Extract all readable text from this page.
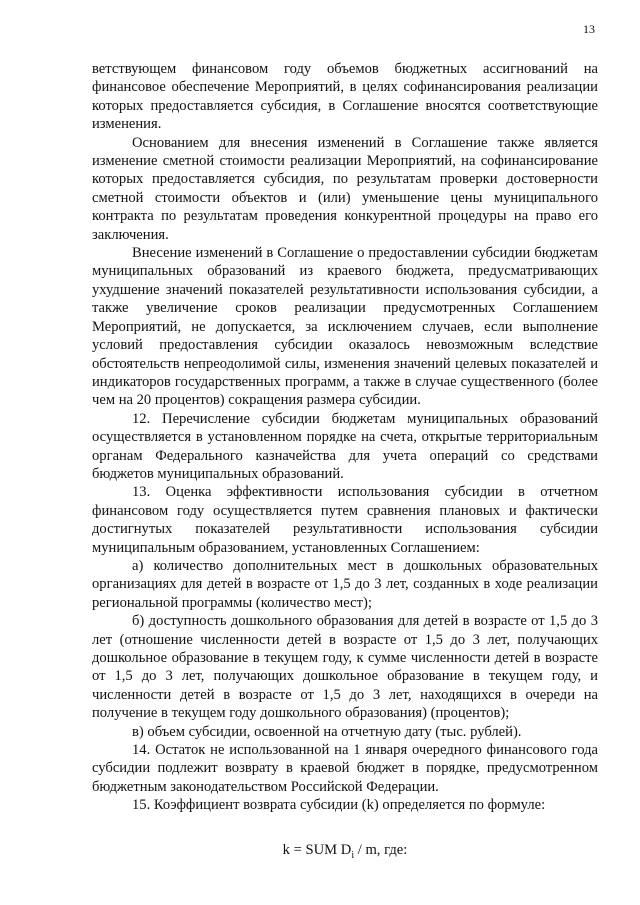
13

ветствующем финансовом году объемов бюджетных ассигнований на финансовое обеспечение Мероприятий, в целях софинансирования реализации которых предоставляется субсидия, в Соглашение вносятся соответствующие изменения.

Основанием для внесения изменений в Соглашение также является изменение сметной стоимости реализации Мероприятий, на софинансирование которых предоставляется субсидия, по результатам проверки достоверности сметной стоимости объектов и (или) уменьшение цены муниципального контракта по результатам проведения конкурентной процедуры на право его заключения.

Внесение изменений в Соглашение о предоставлении субсидии бюджетам муниципальных образований из краевого бюджета, предусматривающих ухудшение значений показателей результативности использования субсидии, а также увеличение сроков реализации предусмотренных Соглашением Мероприятий, не допускается, за исключением случаев, если выполнение условий предоставления субсидии оказалось невозможным вследствие обстоятельств непреодолимой силы, изменения значений целевых показателей и индикаторов государственных программ, а также в случае существенного (более чем на 20 процентов) сокращения размера субсидии.

12. Перечисление субсидии бюджетам муниципальных образований осуществляется в установленном порядке на счета, открытые территориальным органам Федерального казначейства для учета операций со средствами бюджетов муниципальных образований.

13. Оценка эффективности использования субсидии в отчетном финансовом году осуществляется путем сравнения плановых и фактически достигнутых показателей результативности использования субсидии муниципальным образованием, установленных Соглашением:

а) количество дополнительных мест в дошкольных образовательных организациях для детей в возрасте от 1,5 до 3 лет, созданных в ходе реализации региональной программы (количество мест);

б) доступность дошкольного образования для детей в возрасте от 1,5 до 3 лет (отношение численности детей в возрасте от 1,5 до 3 лет, получающих дошкольное образование в текущем году, к сумме численности детей в возрасте от 1,5 до 3 лет, получающих дошкольное образование в текущем году, и численности детей в возрасте от 1,5 до 3 лет, находящихся в очереди на получение в текущем году дошкольного образования) (процентов);

в) объем субсидии, освоенной на отчетную дату (тыс. рублей).

14. Остаток не использованной на 1 января очередного финансового года субсидии подлежит возврату в краевой бюджет в порядке, предусмотренном бюджетным законодательством Российской Федерации.

15. Коэффициент возврата субсидии (k) определяется по формуле:

k = SUM $D_i$ / m, где:
